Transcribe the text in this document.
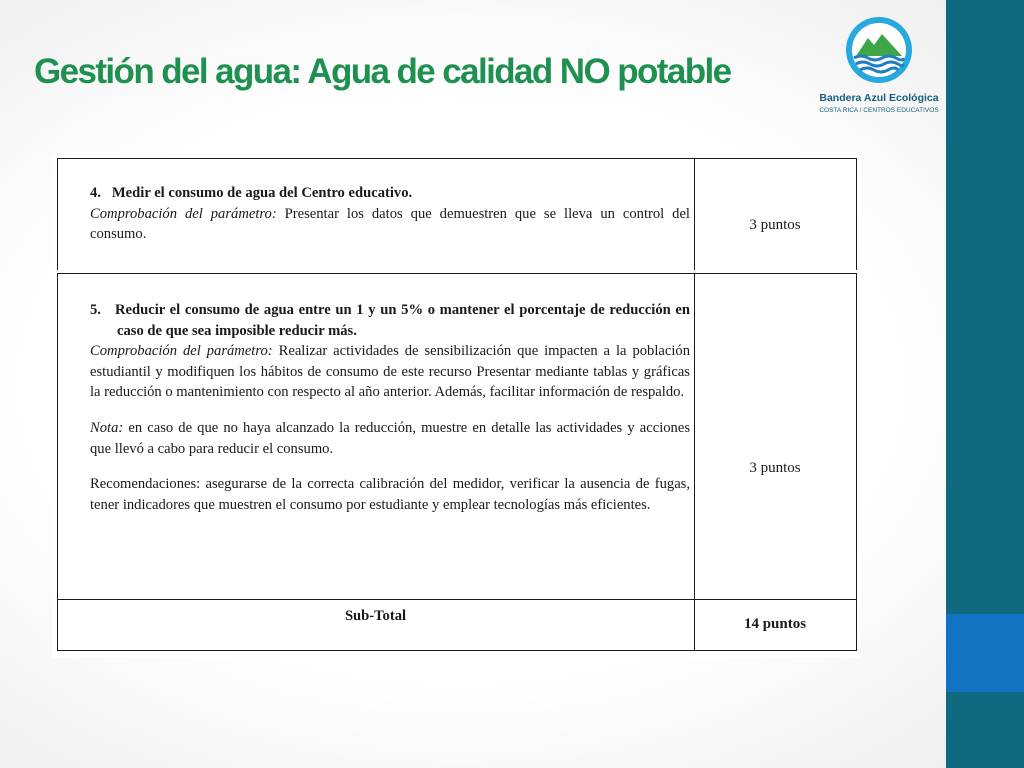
Gestión del agua: Agua de calidad NO potable
Bandera Azul Ecológica
COSTA RICA / CENTROS EDUCATIVOS
4. Medir el consumo de agua del Centro educativo.
Comprobación del parámetro: Presentar los datos que demuestren que se lleva un control del consumo.
3 puntos
5. Reducir el consumo de agua entre un 1 y un 5% o mantener el porcentaje de reducción en caso de que sea imposible reducir más.
Comprobación del parámetro: Realizar actividades de sensibilización que impacten a la población estudiantil y modifiquen los hábitos de consumo de este recurso Presentar mediante tablas y gráficas la reducción o mantenimiento con respecto al año anterior. Además, facilitar información de respaldo.
Nota: en caso de que no haya alcanzado la reducción, muestre en detalle las actividades y acciones que llevó a cabo para reducir el consumo.
Recomendaciones: asegurarse de la correcta calibración del medidor, verificar la ausencia de fugas, tener indicadores que muestren el consumo por estudiante y emplear tecnologías más eficientes.
3 puntos
Sub-Total	14 puntos
